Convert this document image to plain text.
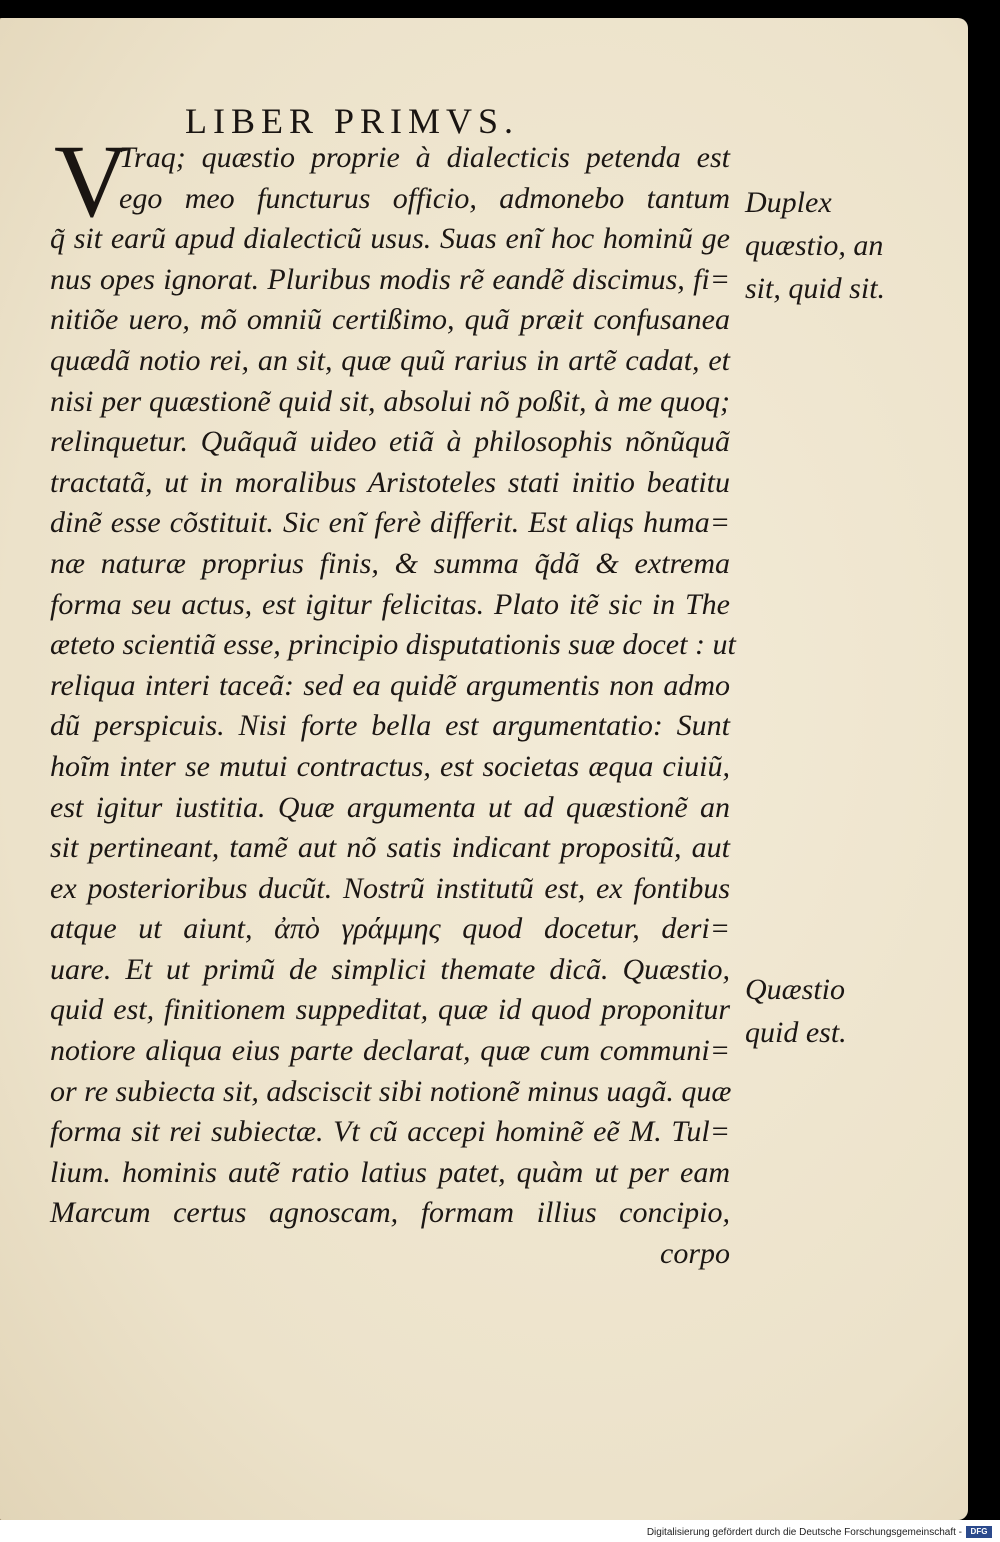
LIBER PRIMVS.
V
Traq; quæstio proprie à dialecticis petenda est
ego meo functurus officio, admonebo tantum
q̃ sit earũ apud dialecticũ usus. Suas enĩ hoc hominũ ge
nus opes ignorat. Pluribus modis rẽ eandẽ discimus, fi=
nitiõe uero, mõ omniũ certißimo, quã præit confusanea
quædã notio rei, an sit, quæ quũ rarius in artẽ cadat, et
nisi per quæstionẽ quid sit, absolui nõ poßit, à me quoq;
relinquetur. Quãquã uideo etiã à philosophis nõnũquã
tractatã, ut in moralibus Aristoteles stati initio beatitu
dinẽ esse cõstituit. Sic enĩ ferè differit. Est aliqs huma=
næ naturæ proprius finis, & summa q̃dã & extrema
forma seu actus, est igitur felicitas. Plato itẽ sic in The
æteto scientiã esse, principio disputationis suæ docet : ut
reliqua interi taceã: sed ea quidẽ argumentis non admo
dũ perspicuis. Nisi forte bella est argumentatio: Sunt
hoĩm inter se mutui contractus, est societas æqua ciuiũ,
est igitur iustitia. Quæ argumenta ut ad quæstionẽ an
sit pertineant, tamẽ aut nõ satis indicant propositũ, aut
ex posterioribus ducũt. Nostrũ institutũ est, ex fontibus
atque ut aiunt, ἀπὸ γράμμης quod docetur, deri=
uare. Et ut primũ de simplici themate dicã. Quæstio,
quid est, finitionem suppeditat, quæ id quod proponitur
notiore aliqua eius parte declarat, quæ cum communi=
or re subiecta sit, adsciscit sibi notionẽ minus uagã. quæ
forma sit rei subiectæ. Vt cũ accepi hominẽ eẽ M. Tul=
lium. hominis autẽ ratio latius patet, quàm ut per eam
Marcum certus agnoscam, formam illius concipio,
corpo
Duplex
quæstio, an
sit, quid sit.
Quæstio
quid est.
Digitalisierung gefördert durch die Deutsche Forschungsgemeinschaft -	DFG
